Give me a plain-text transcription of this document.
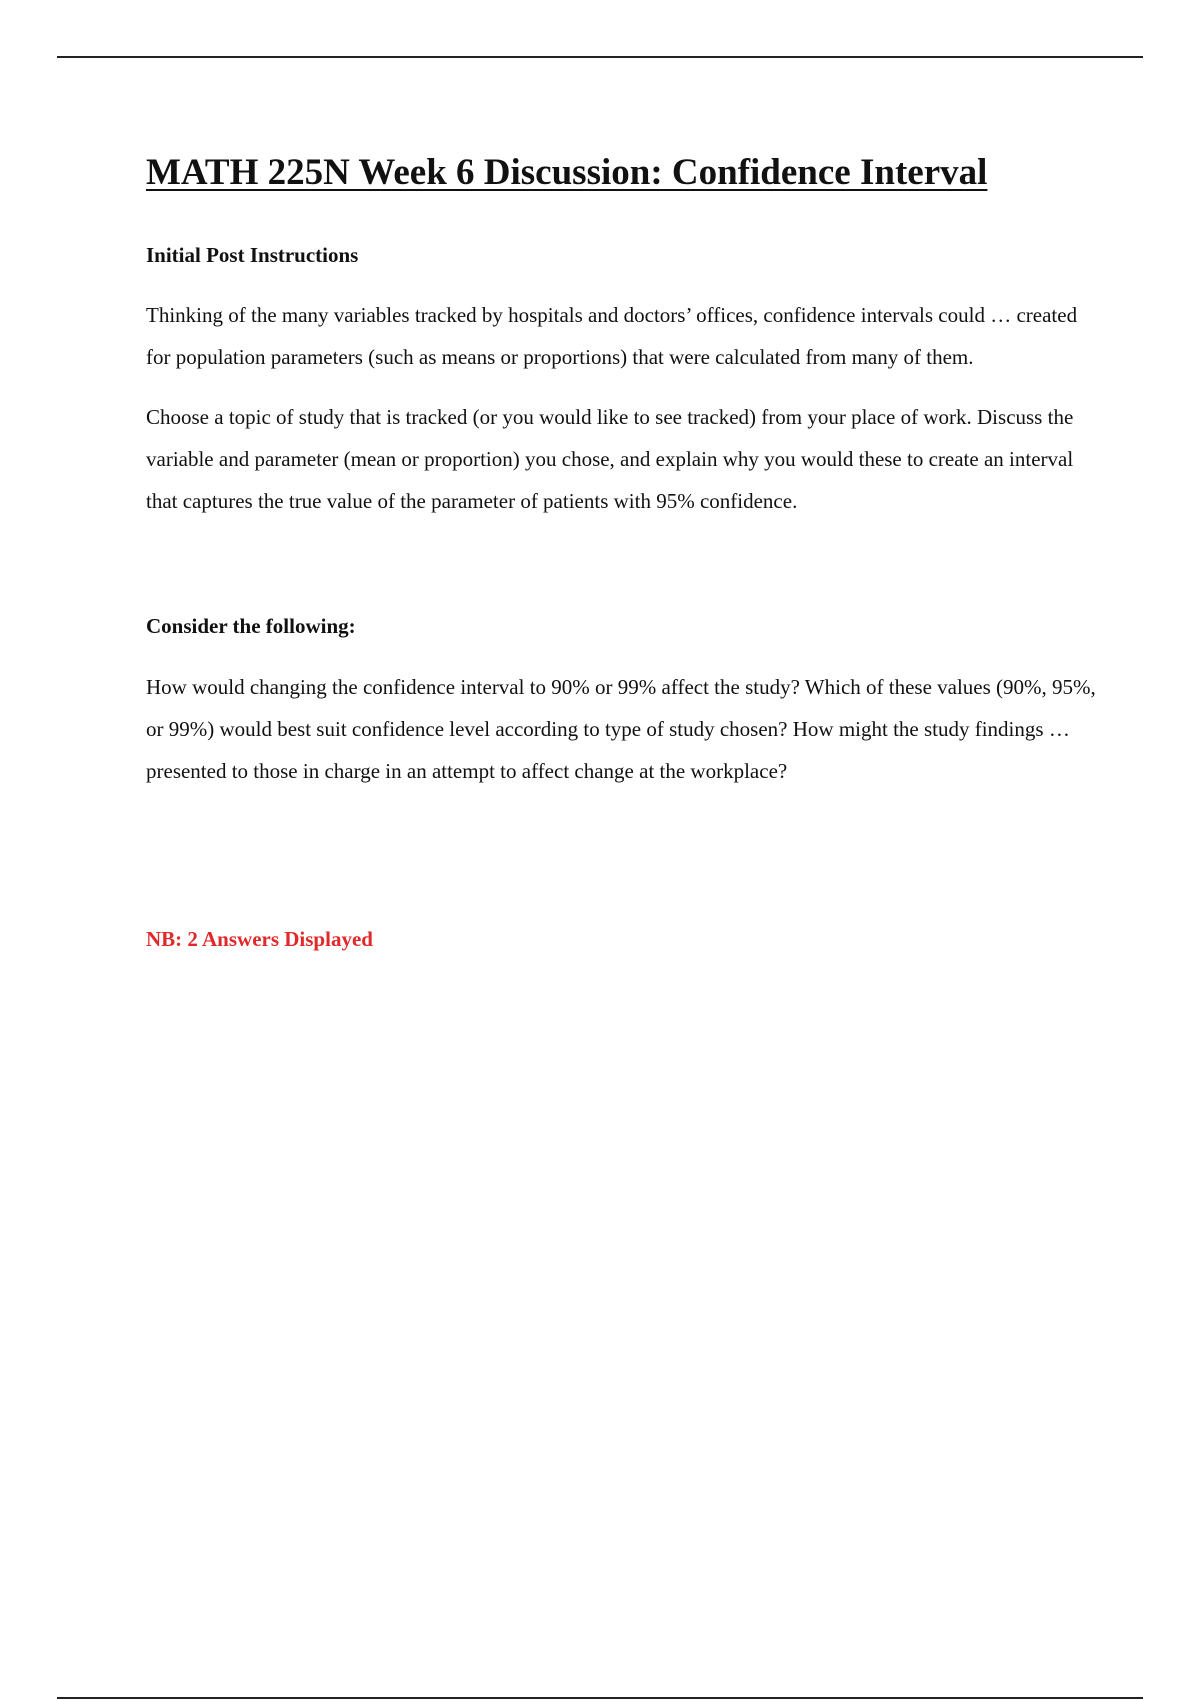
MATH 225N Week 6 Discussion: Confidence Interval
Initial Post Instructions

Thinking of the many variables tracked by hospitals and doctors’ offices, confidence intervals could … created for population parameters (such as means or proportions) that were calculated from many of them.

Choose a topic of study that is tracked (or you would like to see tracked) from your place of work. Discuss the variable and parameter (mean or proportion) you chose, and explain why you would these to create an interval that captures the true value of the parameter of patients with 95% confidence.

Consider the following:

How would changing the confidence interval to 90% or 99% affect the study? Which of these values (90%, 95%, or 99%) would best suit confidence level according to type of study chosen? How might the study findings … presented to those in charge in an attempt to affect change at the workplace?

NB: 2 Answers Displayed
